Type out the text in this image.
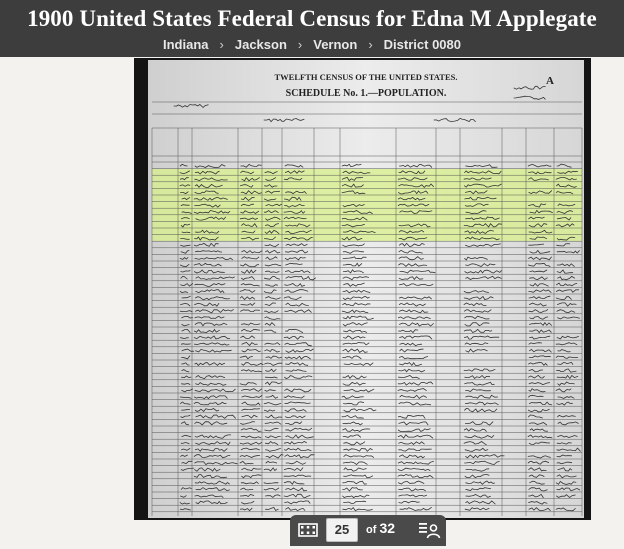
1900 United States Federal Census for Edna M Applegate
Indiana › Jackson › Vernon › District 0080
TWELFTH CENSUS OF THE UNITED STATES.
SCHEDULE No. 1.—POPULATION.
A
25
of 32
